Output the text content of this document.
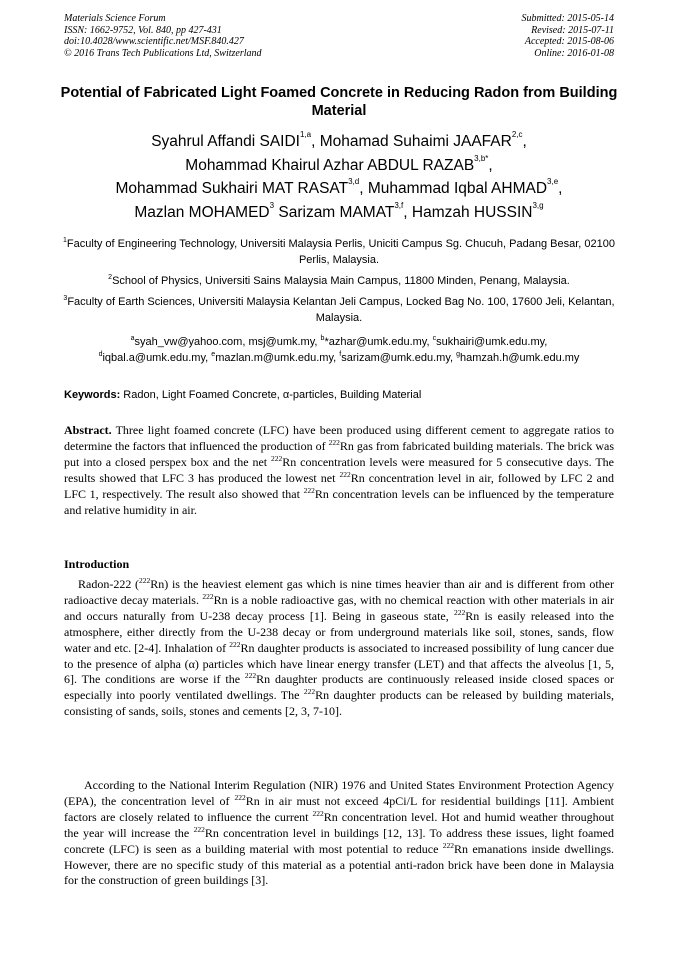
Materials Science Forum
ISSN: 1662-9752, Vol. 840, pp 427-431
doi:10.4028/www.scientific.net/MSF.840.427
© 2016 Trans Tech Publications Ltd, Switzerland
Submitted: 2015-05-14
Revised: 2015-07-11
Accepted: 2015-08-06
Online: 2016-01-08
Potential of Fabricated Light Foamed Concrete in Reducing Radon from Building Material
Syahrul Affandi SAIDI$^{1,a}$, Mohamad Suhaimi JAAFAR$^{2,c}$,
Mohammad Khairul Azhar ABDUL $RAZAB^{3,b*}$,
Mohammad Sukhairi MAT RASAT$^{3,d}$, Muhammad Iqbal AHMAD$^{3,e}$,
Mazlan MOHAMED$^3$ Sarizam MAMAT$^{3,f}$, Hamzah HUSSIN$^{3,g}$
$^1$Faculty of Engineering Technology, Universiti Malaysia Perlis, Uniciti Campus Sg. Chucuh, Padang Besar, 02100 Perlis, Malaysia.
$^2$School of Physics, Universiti Sains Malaysia Main Campus, 11800 Minden, Penang, Malaysia.
$^3$Faculty of Earth Sciences, Universiti Malaysia Kelantan Jeli Campus, Locked Bag No. 100, 17600 Jeli, Kelantan, Malaysia.
$^a$syah_vw@yahoo.com, msj@umk.my, $^b$*azhar@umk.edu.my, $^c$sukhairi@umk.edu.my,
$^d$iqbal.a@umk.edu.my, $^e$mazlan.m@umk.edu.my, $^f$sarizam@umk.edu.my, $^g$hamzah.h@umk.edu.my
Keywords: Radon, Light Foamed Concrete, α-particles, Building Material
Abstract. Three light foamed concrete (LFC) have been produced using different cement to aggregate ratios to determine the factors that influenced the production of $^{222}$Rn gas from fabricated building materials. The brick was put into a closed perspex box and the net $^{222}$Rn concentration levels were measured for 5 consecutive days. The results showed that LFC 3 has produced the lowest net $^{222}$Rn concentration level in air, followed by LFC 2 and LFC 1, respectively. The result also showed that $^{222}$Rn concentration levels can be influenced by the temperature and relative humidity in air.
Introduction
Radon-222 ($^{222}$Rn) is the heaviest element gas which is nine times heavier than air and is different from other radioactive decay materials. $^{222}$Rn is a noble radioactive gas, with no chemical reaction with other materials in air and occurs naturally from U-238 decay process [1]. Being in gaseous state, $^{222}$Rn is easily released into the atmosphere, either directly from the U-238 decay or from underground materials like soil, stones, sands, flow water and etc. [2-4]. Inhalation of $^{222}$Rn daughter products is associated to increased possibility of lung cancer due to the presence of alpha (α) particles which have linear energy transfer (LET) and that affects the alveolus [1, 5, 6]. The conditions are worse if the $^{222}$Rn daughter products are continuously released inside closed spaces or especially into poorly ventilated dwellings. The $^{222}$Rn daughter products can be released by building materials, consisting of sands, soils, stones and cements [2, 3, 7-10].
According to the National Interim Regulation (NIR) 1976 and United States Environment Protection Agency (EPA), the concentration level of $^{222}$Rn in air must not exceed 4pCi/L for residential buildings [11]. Ambient factors are closely related to influence the current $^{222}$Rn concentration level. Hot and humid weather throughout the year will increase the $^{222}$Rn concentration level in buildings [12, 13]. To address these issues, light foamed concrete (LFC) is seen as a building material with most potential to reduce $^{222}$Rn emanations inside dwellings. However, there are no specific study of this material as a potential anti-radon brick have been done in Malaysia for the construction of green buildings [3].
